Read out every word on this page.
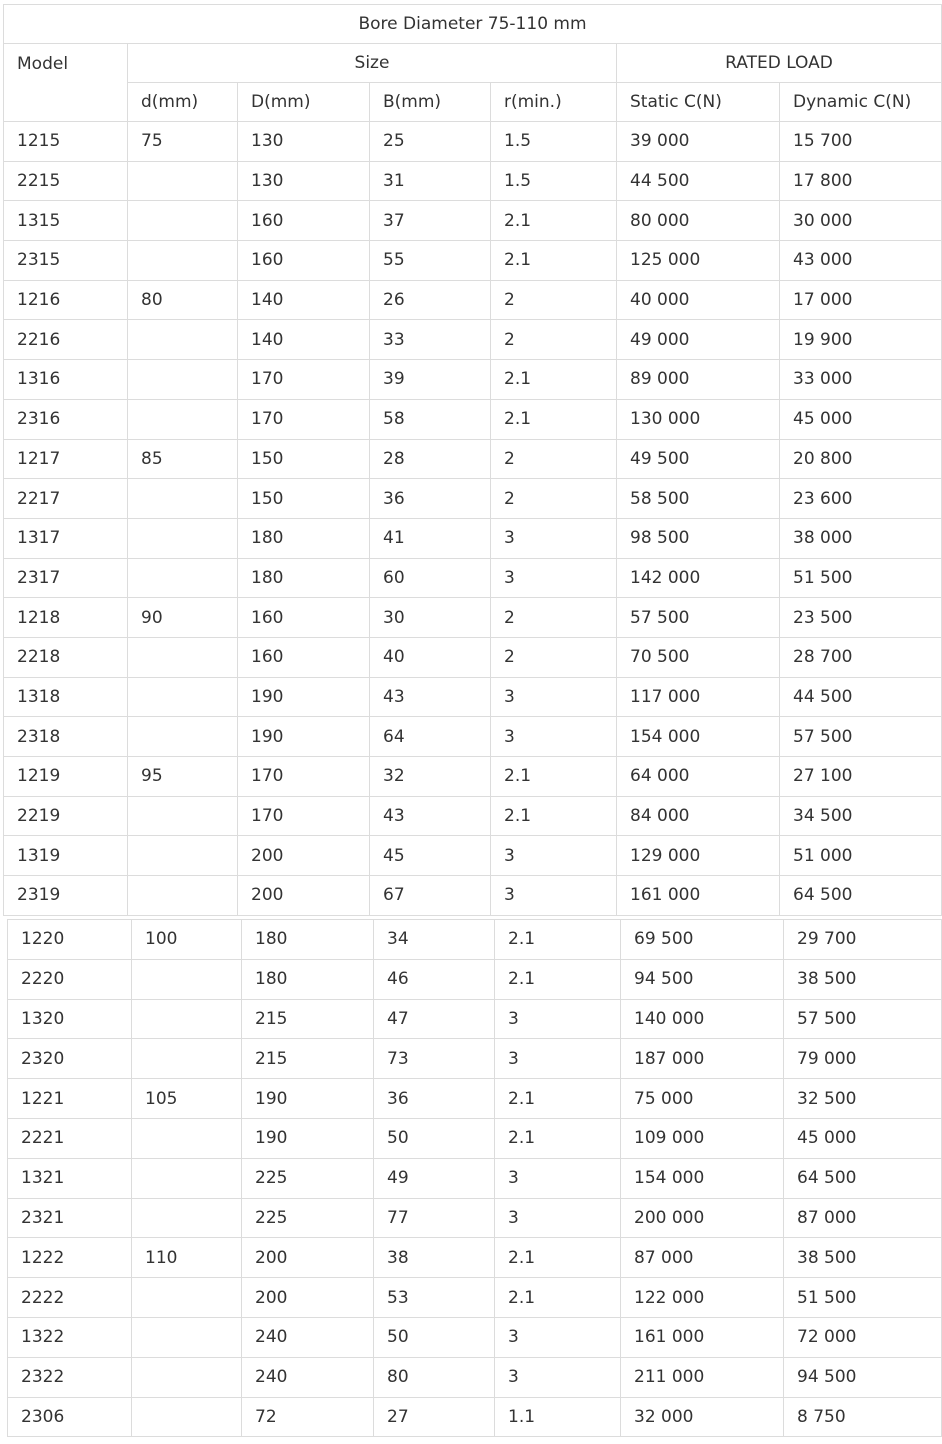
Bore Diameter 75-110 mm						
Model	Size				RATED LOAD	
	d(mm)	D(mm)	B(mm)	r(min.)	Static C(N)	Dynamic C(N)
1215	75	130	25	1.5	39 000	15 700
2215		130	31	1.5	44 500	17 800
1315		160	37	2.1	80 000	30 000
2315		160	55	2.1	125 000	43 000
1216	80	140	26	2	40 000	17 000
2216		140	33	2	49 000	19 900
1316		170	39	2.1	89 000	33 000
2316		170	58	2.1	130 000	45 000
1217	85	150	28	2	49 500	20 800
2217		150	36	2	58 500	23 600
1317		180	41	3	98 500	38 000
2317		180	60	3	142 000	51 500
1218	90	160	30	2	57 500	23 500
2218		160	40	2	70 500	28 700
1318		190	43	3	117 000	44 500
2318		190	64	3	154 000	57 500
1219	95	170	32	2.1	64 000	27 100
2219		170	43	2.1	84 000	34 500
1319		200	45	3	129 000	51 000
2319		200	67	3	161 000	64 500
1220	100	180	34	2.1	69 500	29 700
2220		180	46	2.1	94 500	38 500
1320		215	47	3	140 000	57 500
2320		215	73	3	187 000	79 000
1221	105	190	36	2.1	75 000	32 500
2221		190	50	2.1	109 000	45 000
1321		225	49	3	154 000	64 500
2321		225	77	3	200 000	87 000
1222	110	200	38	2.1	87 000	38 500
2222		200	53	2.1	122 000	51 500
1322		240	50	3	161 000	72 000
2322		240	80	3	211 000	94 500
2306		72	27	1.1	32 000	8 750
